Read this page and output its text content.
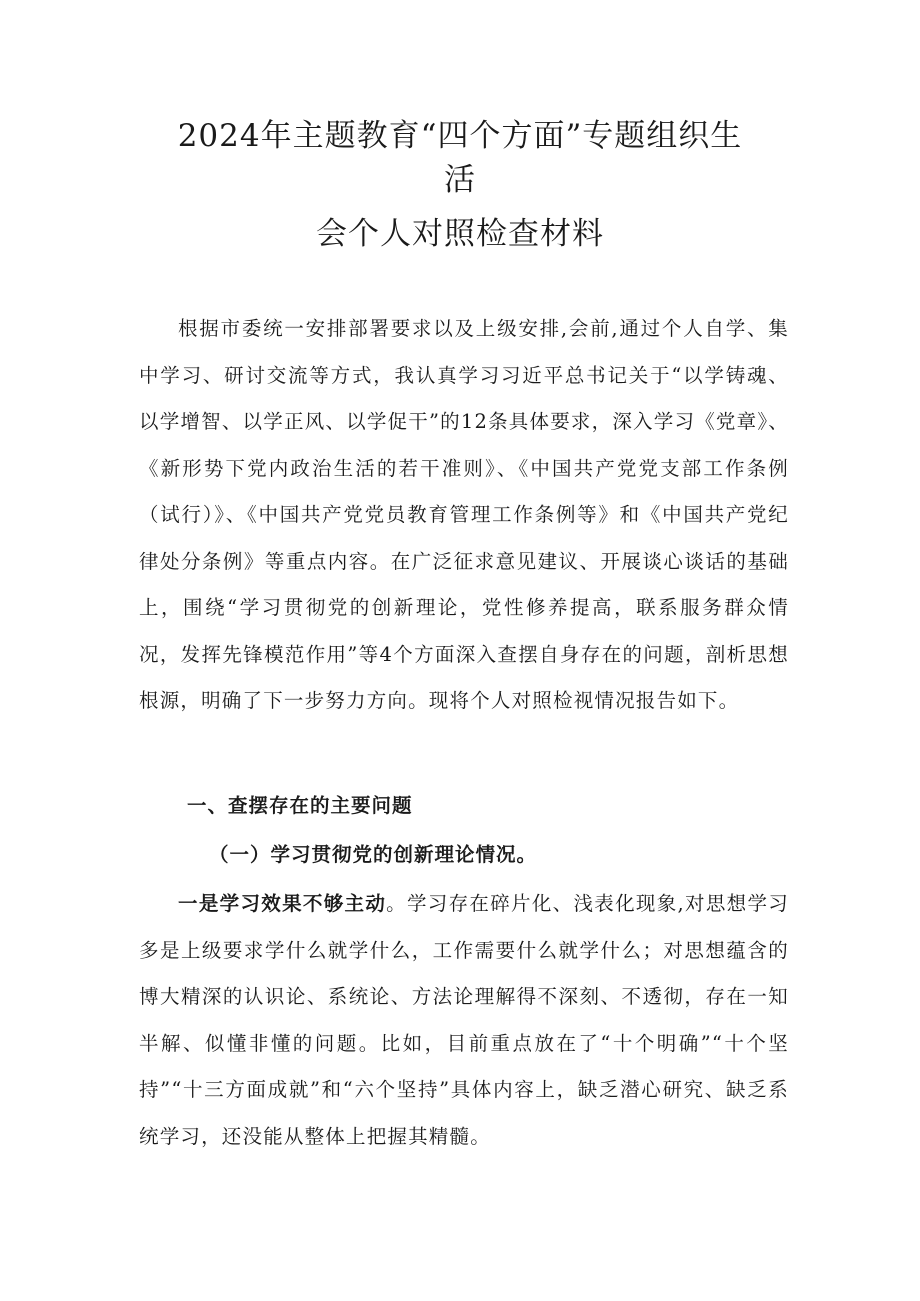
2024年主题教育“四个方面”专题组织生
活
会个人对照检查材料

根据市委统一安排部署要求以及上级安排,会前,通过个人自学、集中学习、研讨交流等方式，我认真学习习近平总书记关于“以学铸魂、以学增智、以学正风、以学促干”的12条具体要求，深入学习《党章》、《新形势下党内政治生活的若干准则》、《中国共产党党支部工作条例（试行）》、《中国共产党党员教育管理工作条例等》和《中国共产党纪律处分条例》等重点内容。在广泛征求意见建议、开展谈心谈话的基础上，围绕“学习贯彻党的创新理论，党性修养提高，联系服务群众情况，发挥先锋模范作用”等4个方面深入查摆自身存在的问题，剖析思想根源，明确了下一步努力方向。现将个人对照检视情况报告如下。

一、查摆存在的主要问题
（一）学习贯彻党的创新理论情况。

一是学习效果不够主动。学习存在碎片化、浅表化现象,对思想学习多是上级要求学什么就学什么，工作需要什么就学什么；对思想蕴含的博大精深的认识论、系统论、方法论理解得不深刻、不透彻，存在一知半解、似懂非懂的问题。比如，目前重点放在了“十个明确”“十个坚持”“十三方面成就”和“六个坚持”具体内容上，缺乏潜心研究、缺乏系统学习，还没能从整体上把握其精髓。
